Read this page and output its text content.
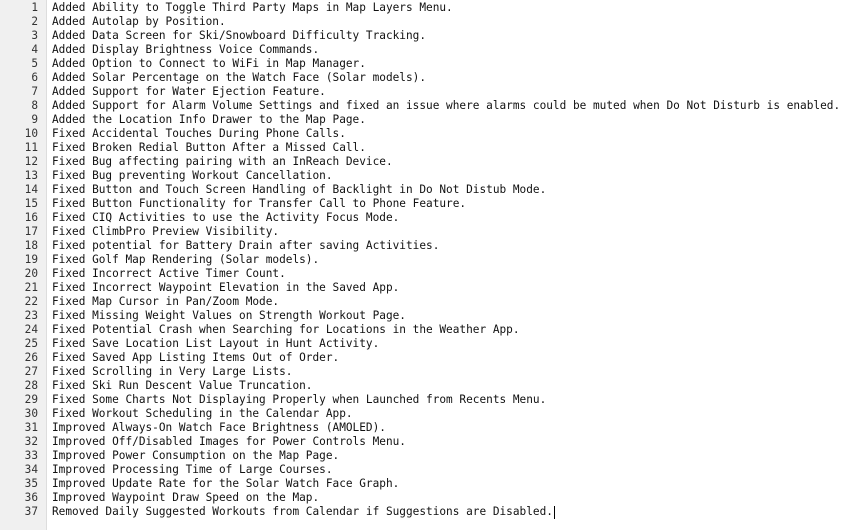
1 Added Ability to Toggle Third Party Maps in Map Layers Menu.
2 Added Autolap by Position.
3 Added Data Screen for Ski/Snowboard Difficulty Tracking.
4 Added Display Brightness Voice Commands.
5 Added Option to Connect to WiFi in Map Manager.
6 Added Solar Percentage on the Watch Face (Solar models).
7 Added Support for Water Ejection Feature.
8 Added Support for Alarm Volume Settings and fixed an issue where alarms could be muted when Do Not Disturb is enabled.
9 Added the Location Info Drawer to the Map Page.
10 Fixed Accidental Touches During Phone Calls.
11 Fixed Broken Redial Button After a Missed Call.
12 Fixed Bug affecting pairing with an InReach Device.
13 Fixed Bug preventing Workout Cancellation.
14 Fixed Button and Touch Screen Handling of Backlight in Do Not Distub Mode.
15 Fixed Button Functionality for Transfer Call to Phone Feature.
16 Fixed CIQ Activities to use the Activity Focus Mode.
17 Fixed ClimbPro Preview Visibility.
18 Fixed potential for Battery Drain after saving Activities.
19 Fixed Golf Map Rendering (Solar models).
20 Fixed Incorrect Active Timer Count.
21 Fixed Incorrect Waypoint Elevation in the Saved App.
22 Fixed Map Cursor in Pan/Zoom Mode.
23 Fixed Missing Weight Values on Strength Workout Page.
24 Fixed Potential Crash when Searching for Locations in the Weather App.
25 Fixed Save Location List Layout in Hunt Activity.
26 Fixed Saved App Listing Items Out of Order.
27 Fixed Scrolling in Very Large Lists.
28 Fixed Ski Run Descent Value Truncation.
29 Fixed Some Charts Not Displaying Properly when Launched from Recents Menu.
30 Fixed Workout Scheduling in the Calendar App.
31 Improved Always-On Watch Face Brightness (AMOLED).
32 Improved Off/Disabled Images for Power Controls Menu.
33 Improved Power Consumption on the Map Page.
34 Improved Processing Time of Large Courses.
35 Improved Update Rate for the Solar Watch Face Graph.
36 Improved Waypoint Draw Speed on the Map.
37 Removed Daily Suggested Workouts from Calendar if Suggestions are Disabled.
